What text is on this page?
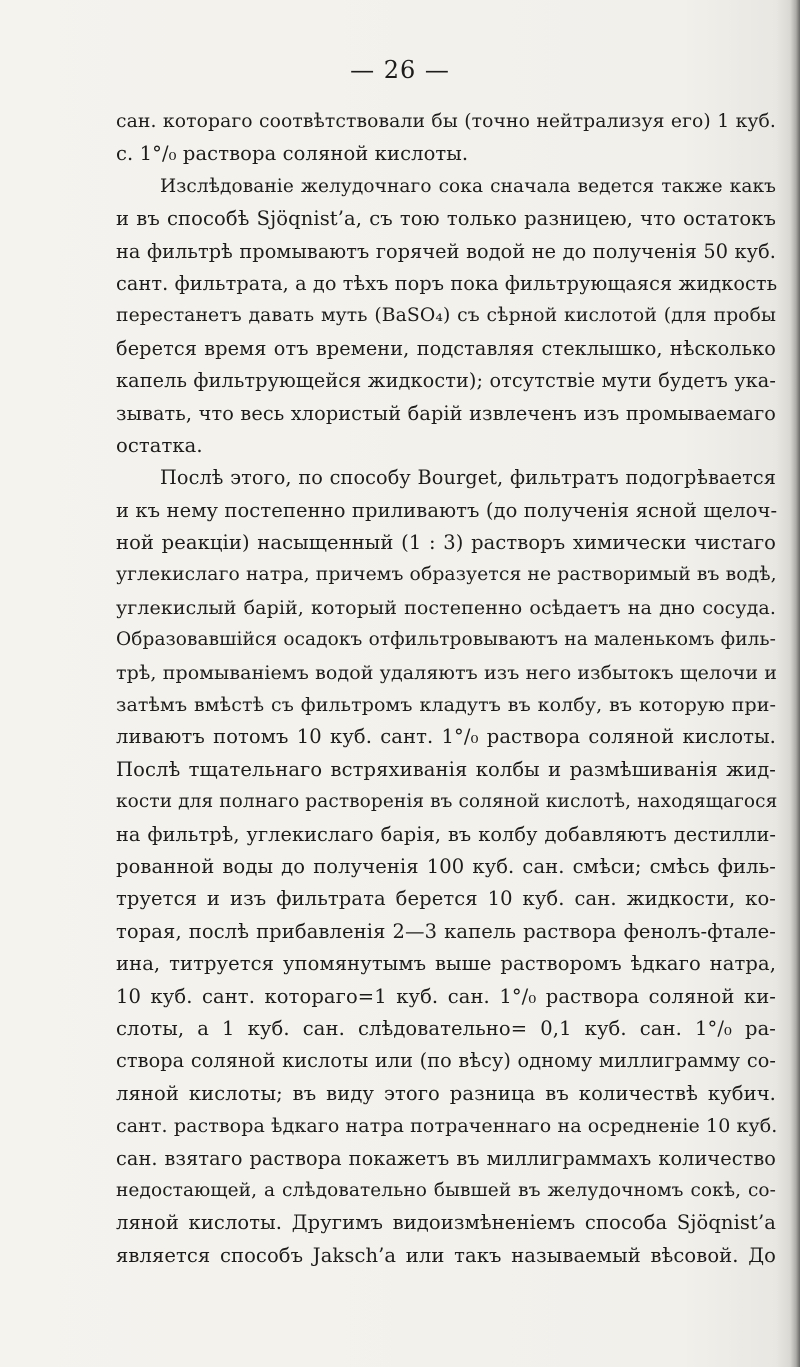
— 26 —
сан. котораго соотвѣтствовали бы (точно нейтрализуя его) 1 куб.
с. 1°/₀ раствора соляной кислоты.
Изслѣдованіе желудочнаго сока сначала ведется также какъ
и въ способѣ Sjöqnist’а, съ тою только разницею, что остатокъ
на фильтрѣ промываютъ горячей водой не до полученія 50 куб.
сант. фильтрата, а до тѣхъ поръ пока фильтрующаяся жидкость
перестанетъ давать муть (BaSO₄) съ сѣрной кислотой (для пробы
берется время отъ времени, подставляя стеклышко, нѣсколько
капель фильтрующейся жидкости); отсутствіе мути будетъ ука-
зывать, что весь хлористый барій извлеченъ изъ промываемаго
остатка.
Послѣ этого, по способу Bourget, фильтратъ подогрѣвается
и къ нему постепенно приливаютъ (до полученія ясной щелоч-
ной реакціи) насыщенный (1 : 3) растворъ химически чистаго
углекислаго натра, причемъ образуется не растворимый въ водѣ,
углекислый барій, который постепенно осѣдаетъ на дно сосуда.
Образовавшійся осадокъ отфильтровываютъ на маленькомъ филь-
трѣ, промываніемъ водой удаляютъ изъ него избытокъ щелочи и
затѣмъ вмѣстѣ съ фильтромъ кладутъ въ колбу, въ которую при-
ливаютъ потомъ 10 куб. сант. 1°/₀ раствора соляной кислоты.
Послѣ тщательнаго встряхиванія колбы и размѣшиванія жид-
кости для полнаго растворенія въ соляной кислотѣ, находящагося
на фильтрѣ, углекислаго барія, въ колбу добавляютъ дестилли-
рованной воды до полученія 100 куб. сан. смѣси; смѣсь филь-
труется и изъ фильтрата берется 10 куб. сан. жидкости, ко-
торая, послѣ прибавленія 2—3 капель раствора фенолъ-фтале-
ина, титруется упомянутымъ выше растворомъ ѣдкаго натра,
10 куб. сант. котораго=1 куб. сан. 1°/₀ раствора соляной ки-
слоты, а 1 куб. сан. слѣдовательно= 0,1 куб. сан. 1°/₀ ра-
створа соляной кислоты или (по вѣсу) одному миллиграмму со-
ляной кислоты; въ виду этого разница въ количествѣ кубич.
сант. раствора ѣдкаго натра потраченнаго на осредненіе 10 куб.
сан. взятаго раствора покажетъ въ миллиграммахъ количество
недостающей, а слѣдовательно бывшей въ желудочномъ сокѣ, со-
ляной кислоты. Другимъ видоизмѣненіемъ способа Sjöqnist’а
является способъ Jaksch’а или такъ называемый вѣсовой. До
